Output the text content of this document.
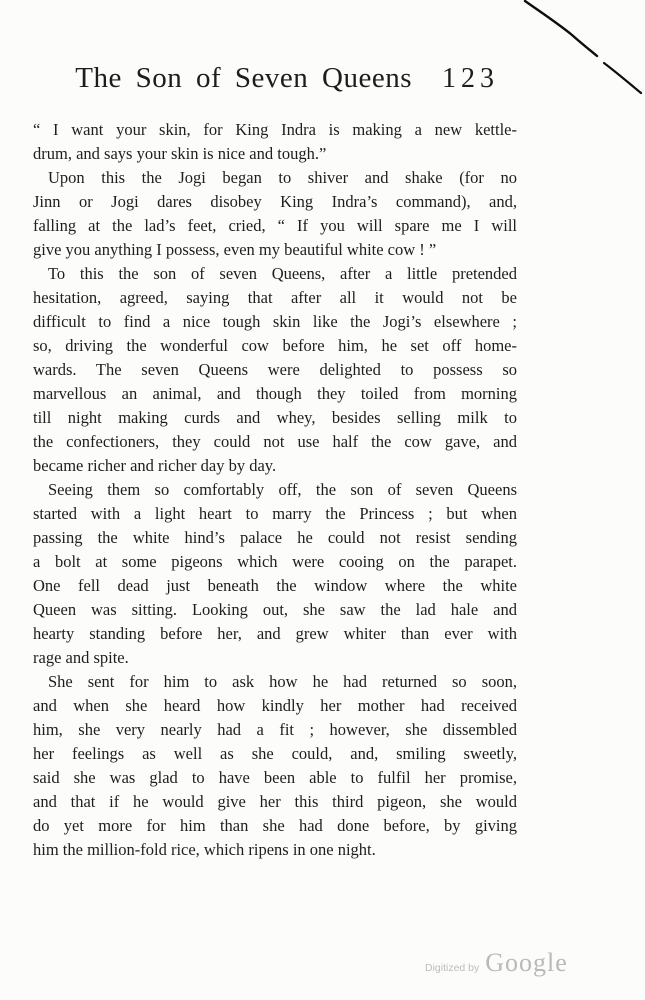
The Son of Seven Queens 123
“ I want your skin, for King Indra is making a new kettle-
drum, and says your skin is nice and tough.”
Upon this the Jogi began to shiver and shake (for no
Jinn or Jogi dares disobey King Indra’s command), and,
falling at the lad’s feet, cried, “ If you will spare me I will
give you anything I possess, even my beautiful white cow ! ”
To this the son of seven Queens, after a little pretended
hesitation, agreed, saying that after all it would not be
difficult to find a nice tough skin like the Jogi’s elsewhere ;
so, driving the wonderful cow before him, he set off home-
wards. The seven Queens were delighted to possess so
marvellous an animal, and though they toiled from morning
till night making curds and whey, besides selling milk to
the confectioners, they could not use half the cow gave, and
became richer and richer day by day.
Seeing them so comfortably off, the son of seven Queens
started with a light heart to marry the Princess ; but when
passing the white hind’s palace he could not resist sending
a bolt at some pigeons which were cooing on the parapet.
One fell dead just beneath the window where the white
Queen was sitting. Looking out, she saw the lad hale and
hearty standing before her, and grew whiter than ever with
rage and spite.
She sent for him to ask how he had returned so soon,
and when she heard how kindly her mother had received
him, she very nearly had a fit ; however, she dissembled
her feelings as well as she could, and, smiling sweetly,
said she was glad to have been able to fulfil her promise,
and that if he would give her this third pigeon, she would
do yet more for him than she had done before, by giving
him the million-fold rice, which ripens in one night.
Digitized by Google
